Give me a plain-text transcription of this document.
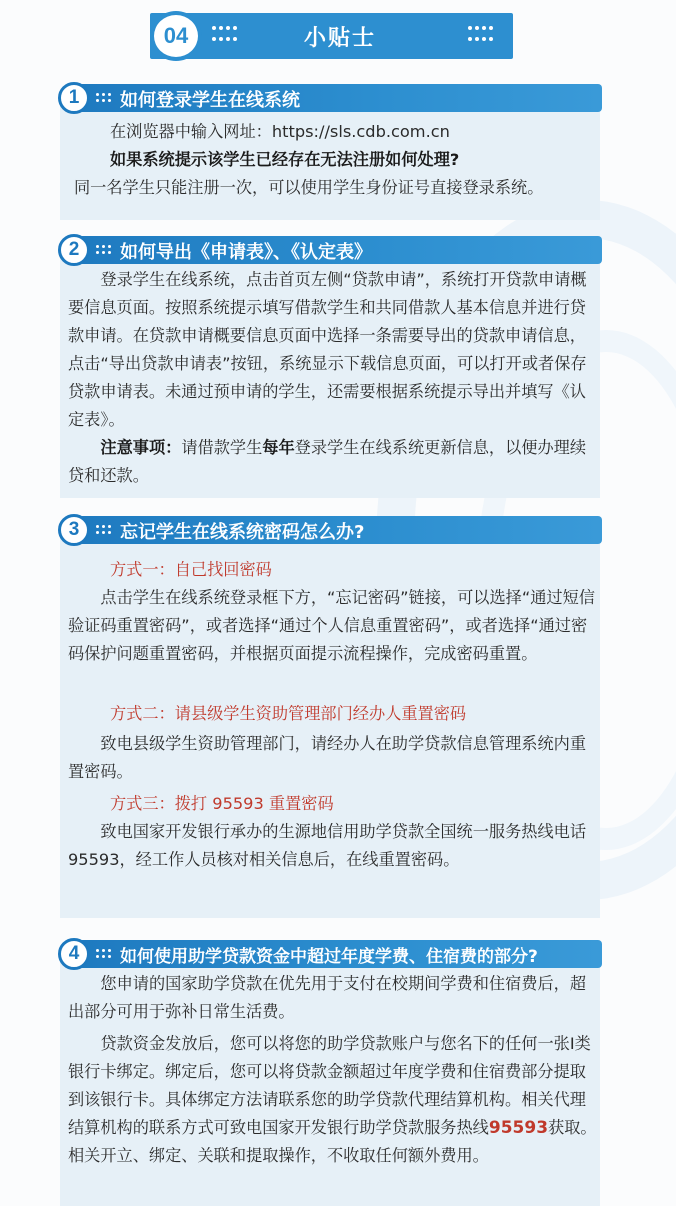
04	小贴士
1	如何登录学生在线系统
在浏览器中输入网址：https://sls.cdb.com.cn
如果系统提示该学生已经存在无法注册如何处理?
同一名学生只能注册一次，可以使用学生身份证号直接登录系统。
2	如何导出《申请表》、《认定表》
登录学生在线系统，点击首页左侧“贷款申请”，系统打开贷款申请概要信息页面。按照系统提示填写借款学生和共同借款人基本信息并进行贷款申请。在贷款申请概要信息页面中选择一条需要导出的贷款申请信息，点击“导出贷款申请表”按钮，系统显示下载信息页面，可以打开或者保存贷款申请表。未通过预申请的学生，还需要根据系统提示导出并填写《认定表》。
注意事项：请借款学生每年登录学生在线系统更新信息，以便办理续贷和还款。
3	忘记学生在线系统密码怎么办?
方式一：自己找回密码
点击学生在线系统登录框下方，“忘记密码”链接，可以选择“通过短信验证码重置密码”，或者选择“通过个人信息重置密码”，或者选择“通过密码保护问题重置密码，并根据页面提示流程操作，完成密码重置。
方式二：请县级学生资助管理部门经办人重置密码
致电县级学生资助管理部门，请经办人在助学贷款信息管理系统内重置密码。
方式三：拨打 95593 重置密码
致电国家开发银行承办的生源地信用助学贷款全国统一服务热线电话95593，经工作人员核对相关信息后，在线重置密码。
4	如何使用助学贷款资金中超过年度学费、住宿费的部分?
您申请的国家助学贷款在优先用于支付在校期间学费和住宿费后，超出部分可用于弥补日常生活费。
贷款资金发放后，您可以将您的助学贷款账户与您名下的任何一张Ⅰ类银行卡绑定。绑定后，您可以将贷款金额超过年度学费和住宿费部分提取到该银行卡。具体绑定方法请联系您的助学贷款代理结算机构。相关代理结算机构的联系方式可致电国家开发银行助学贷款服务热线95593获取。相关开立、绑定、关联和提取操作，不收取任何额外费用。
